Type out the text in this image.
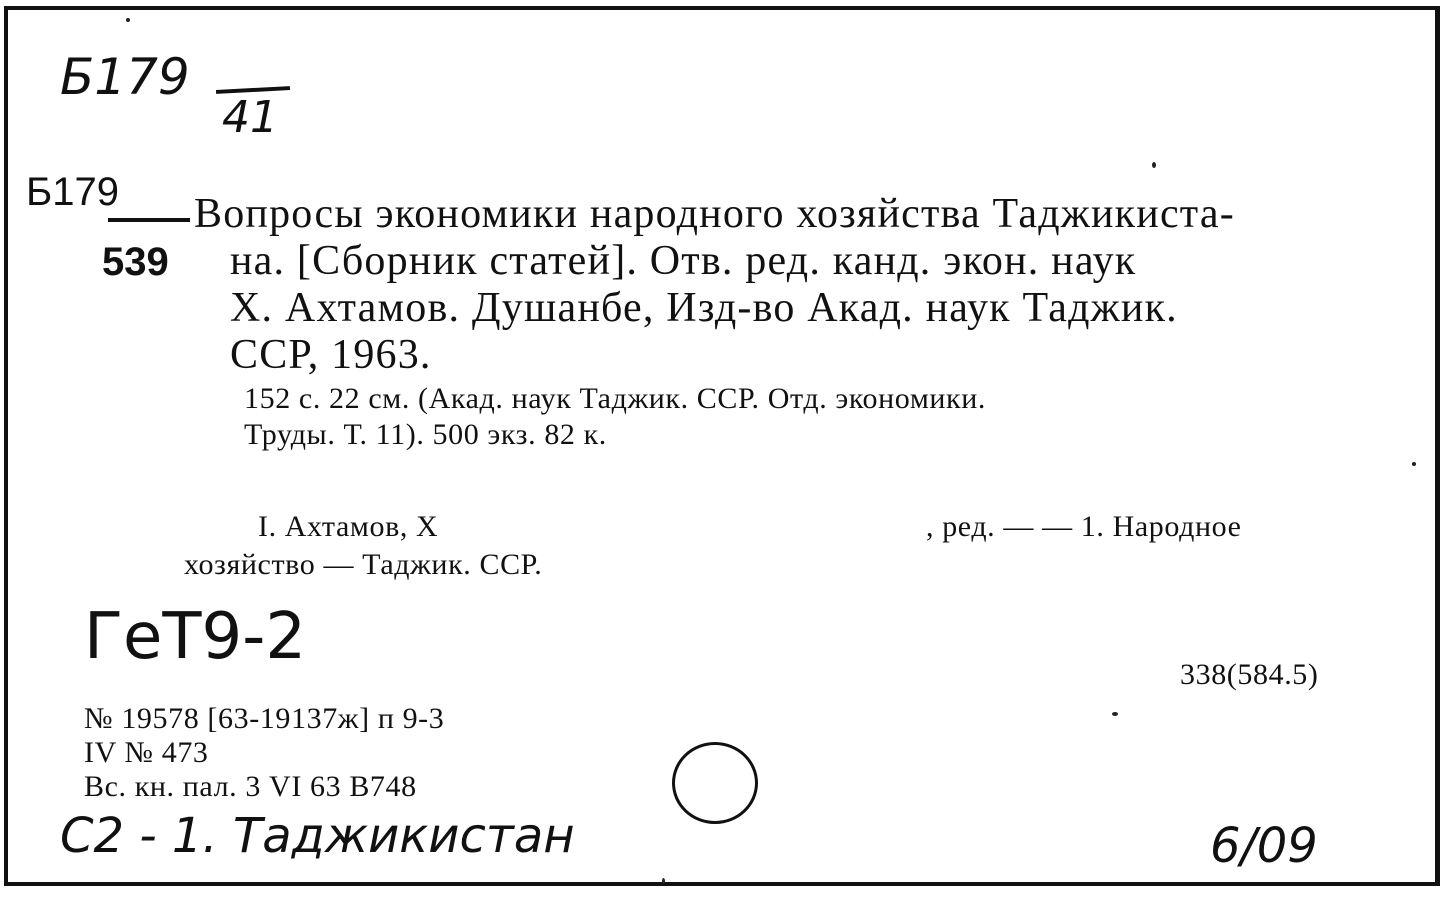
Б179
41
Б179
539
Вопросы экономики народного хозяйства Таджикиста-
на. [Сборник статей]. Отв. ред. канд. экон. наук
Х. Ахтамов. Душанбе, Изд-во Акад. наук Таджик.
ССР, 1963.
152 с. 22 см. (Акад. наук Таджик. ССР. Отд. экономики.
Труды. Т. 11). 500 экз. 82 к.
I. Ахтамов, Х	, ред. — — 1. Народное
хозяйство — Таджик. ССР.
ГеТ9-2
338(584.5)
№ 19578 [63-19137ж] п 9-3
IV № 473
Вс. кн. пал. 3 VI 63 В748
С2 - 1. Таджикистан	6/09
